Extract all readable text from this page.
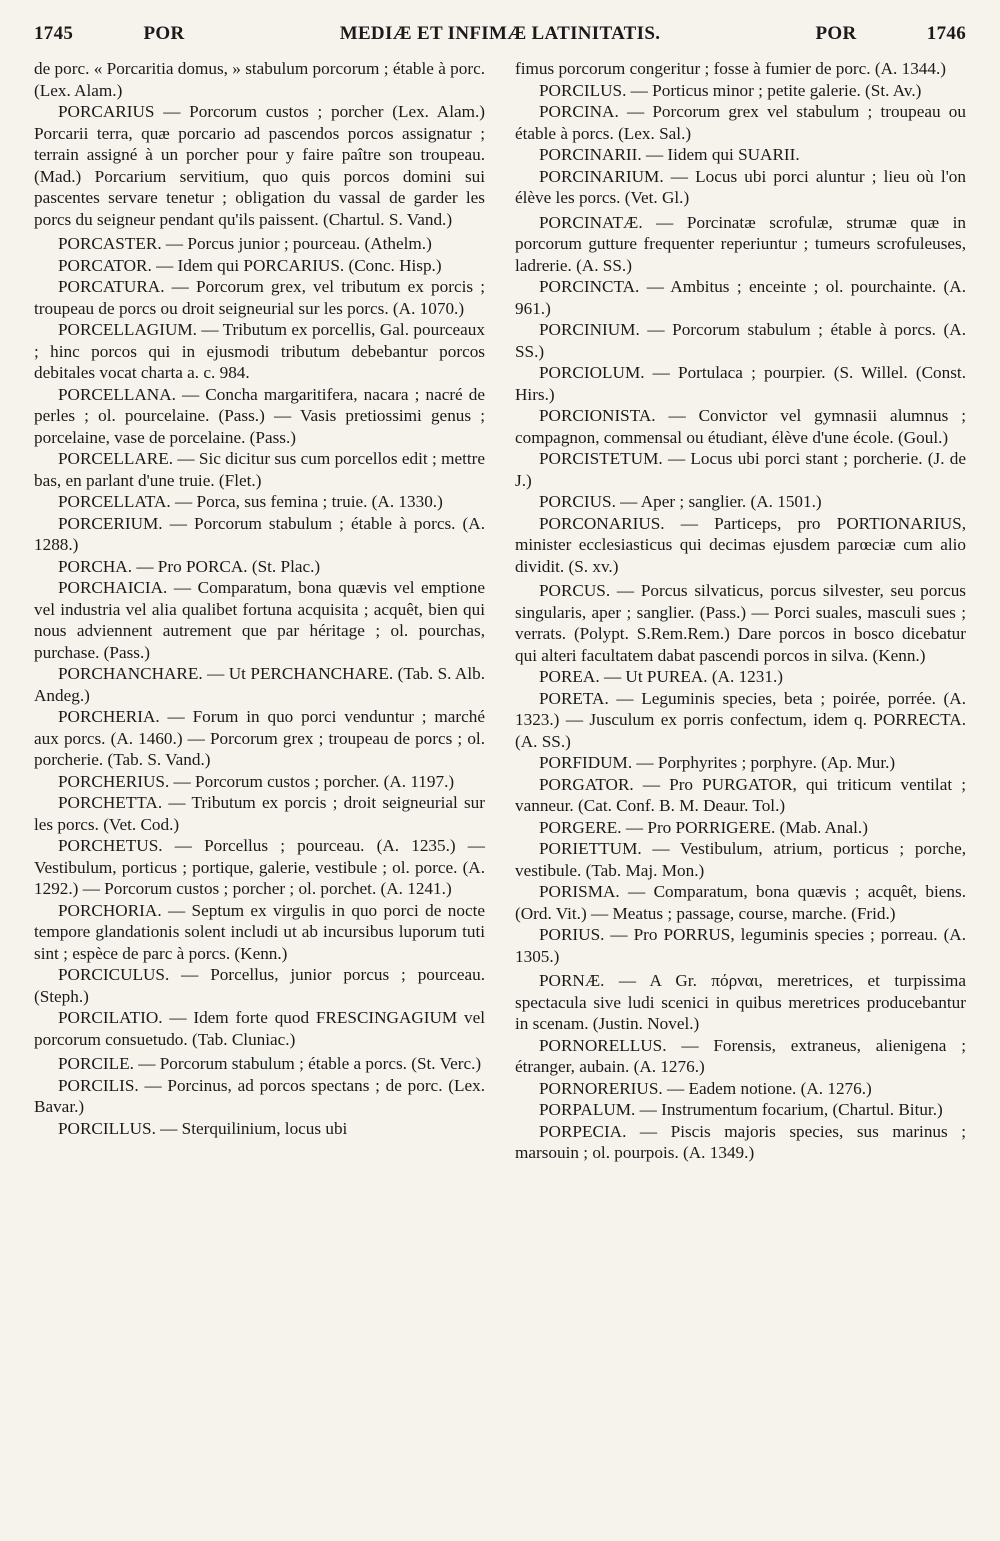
1745	POR	MEDIÆ ET INFIMÆ LATINITATIS.	POR	1746

de porc. « Porcaritia domus, » stabulum porcorum ; étable à porc. (Lex. Alam.)

PORCARIUS — Porcorum custos ; porcher (Lex. Alam.) Porcarii terra, quæ porcario ad pascendos porcos assignatur ; terrain assigné à un porcher pour y faire paître son troupeau. (Mad.) Porcarium servitium, quo quis porcos domini sui pascentes servare tenetur ; obligation du vassal de garder les porcs du seigneur pendant qu'ils paissent. (Chartul. S. Vand.)

PORCASTER. — Porcus junior ; pourceau. (Athelm.)

PORCATOR. — Idem qui PORCARIUS. (Conc. Hisp.)

PORCATURA. — Porcorum grex, vel tributum ex porcis ; troupeau de porcs ou droit seigneurial sur les porcs. (A. 1070.)

PORCELLAGIUM. — Tributum ex porcellis, Gal. pourceaux ; hinc porcos qui in ejusmodi tributum debebantur porcos debitales vocat charta a. c. 984.

PORCELLANA. — Concha margaritifera, nacara ; nacré de perles ; ol. pourcelaine. (Pass.) — Vasis pretiossimi genus ; porcelaine, vase de porcelaine. (Pass.)

PORCELLARE. — Sic dicitur sus cum porcellos edit ; mettre bas, en parlant d'une truie. (Flet.)

PORCELLATA. — Porca, sus femina ; truie. (A. 1330.)

PORCERIUM. — Porcorum stabulum ; étable à porcs. (A. 1288.)

PORCHA. — Pro PORCA. (St. Plac.)

PORCHAICIA. — Comparatum, bona quævis vel emptione vel industria vel alia qualibet fortuna acquisita ; acquêt, bien qui nous adviennent autrement que par héritage ; ol. pourchas, purchase. (Pass.)

PORCHANCHARE. — Ut PERCHANCHARE. (Tab. S. Alb. Andeg.)

PORCHERIA. — Forum in quo porci venduntur ; marché aux porcs. (A. 1460.) — Porcorum grex ; troupeau de porcs ; ol. porcherie. (Tab. S. Vand.)

PORCHERIUS. — Porcorum custos ; porcher. (A. 1197.)

PORCHETTA. — Tributum ex porcis ; droit seigneurial sur les porcs. (Vet. Cod.)

PORCHETUS. — Porcellus ; pourceau. (A. 1235.) — Vestibulum, porticus ; portique, galerie, vestibule ; ol. porce. (A. 1292.) — Porcorum custos ; porcher ; ol. porchet. (A. 1241.)

PORCHORIA. — Septum ex virgulis in quo porci de nocte tempore glandationis solent includi ut ab incursibus luporum tuti sint ; espèce de parc à porcs. (Kenn.)

PORCICULUS. — Porcellus, junior porcus ; pourceau. (Steph.)

PORCILATIO. — Idem forte quod FRESCINGAGIUM vel porcorum consuetudo. (Tab. Cluniac.)

PORCILE. — Porcorum stabulum ; étable a porcs. (St. Verc.)

PORCILIS. — Porcinus, ad porcos spectans ; de porc. (Lex. Bavar.)

PORCILLUS. — Sterquilinium, locus ubi

fimus porcorum congeritur ; fosse à fumier de porc. (A. 1344.)

PORCILUS. — Porticus minor ; petite galerie. (St. Av.)

PORCINA. — Porcorum grex vel stabulum ; troupeau ou étable à porcs. (Lex. Sal.)

PORCINARII. — Iidem qui SUARII.

PORCINARIUM. — Locus ubi porci aluntur ; lieu où l'on élève les porcs. (Vet. Gl.)

PORCINATÆ. — Porcinatæ scrofulæ, strumæ quæ in porcorum gutture frequenter reperiuntur ; tumeurs scrofuleuses, ladrerie. (A. SS.)

PORCINCTA. — Ambitus ; enceinte ; ol. pourchainte. (A. 961.)

PORCINIUM. — Porcorum stabulum ; étable à porcs. (A. SS.)

PORCIOLUM. — Portulaca ; pourpier. (S. Willel. (Const. Hirs.)

PORCIONISTA. — Convictor vel gymnasii alumnus ; compagnon, commensal ou étudiant, élève d'une école. (Goul.)

PORCISTETUM. — Locus ubi porci stant ; porcherie. (J. de J.)

PORCIUS. — Aper ; sanglier. (A. 1501.)

PORCONARIUS. — Particeps, pro PORTIONARIUS, minister ecclesiasticus qui decimas ejusdem parœciæ cum alio dividit. (S. xv.)

PORCUS. — Porcus silvaticus, porcus silvester, seu porcus singularis, aper ; sanglier. (Pass.) — Porci suales, masculi sues ; verrats. (Polypt. S.Rem.Rem.) Dare porcos in bosco dicebatur qui alteri facultatem dabat pascendi porcos in silva. (Kenn.)

POREA. — Ut PUREA. (A. 1231.)

PORETA. — Leguminis species, beta ; poirée, porrée. (A. 1323.) — Jusculum ex porris confectum, idem q. PORRECTA. (A. SS.)

PORFIDUM. — Porphyrites ; porphyre. (Ap. Mur.)

PORGATOR. — Pro PURGATOR, qui triticum ventilat ; vanneur. (Cat. Conf. B. M. Deaur. Tol.)

PORGERE. — Pro PORRIGERE. (Mab. Anal.)

PORIETTUM. — Vestibulum, atrium, porticus ; porche, vestibule. (Tab. Maj. Mon.)

PORISMA. — Comparatum, bona quævis ; acquêt, biens. (Ord. Vit.) — Meatus ; passage, course, marche. (Frid.)

PORIUS. — Pro PORRUS, leguminis species ; porreau. (A. 1305.)

PORNÆ. — A Gr. πόρναι, meretrices, et turpissima spectacula sive ludi scenici in quibus meretrices producebantur in scenam. (Justin. Novel.)

PORNORELLUS. — Forensis, extraneus, alienigena ; étranger, aubain. (A. 1276.)

PORNORERIUS. — Eadem notione. (A. 1276.)

PORPALUM. — Instrumentum focarium, (Chartul. Bitur.)

PORPECIA. — Piscis majoris species, sus marinus ; marsouin ; ol. pourpois. (A. 1349.)
